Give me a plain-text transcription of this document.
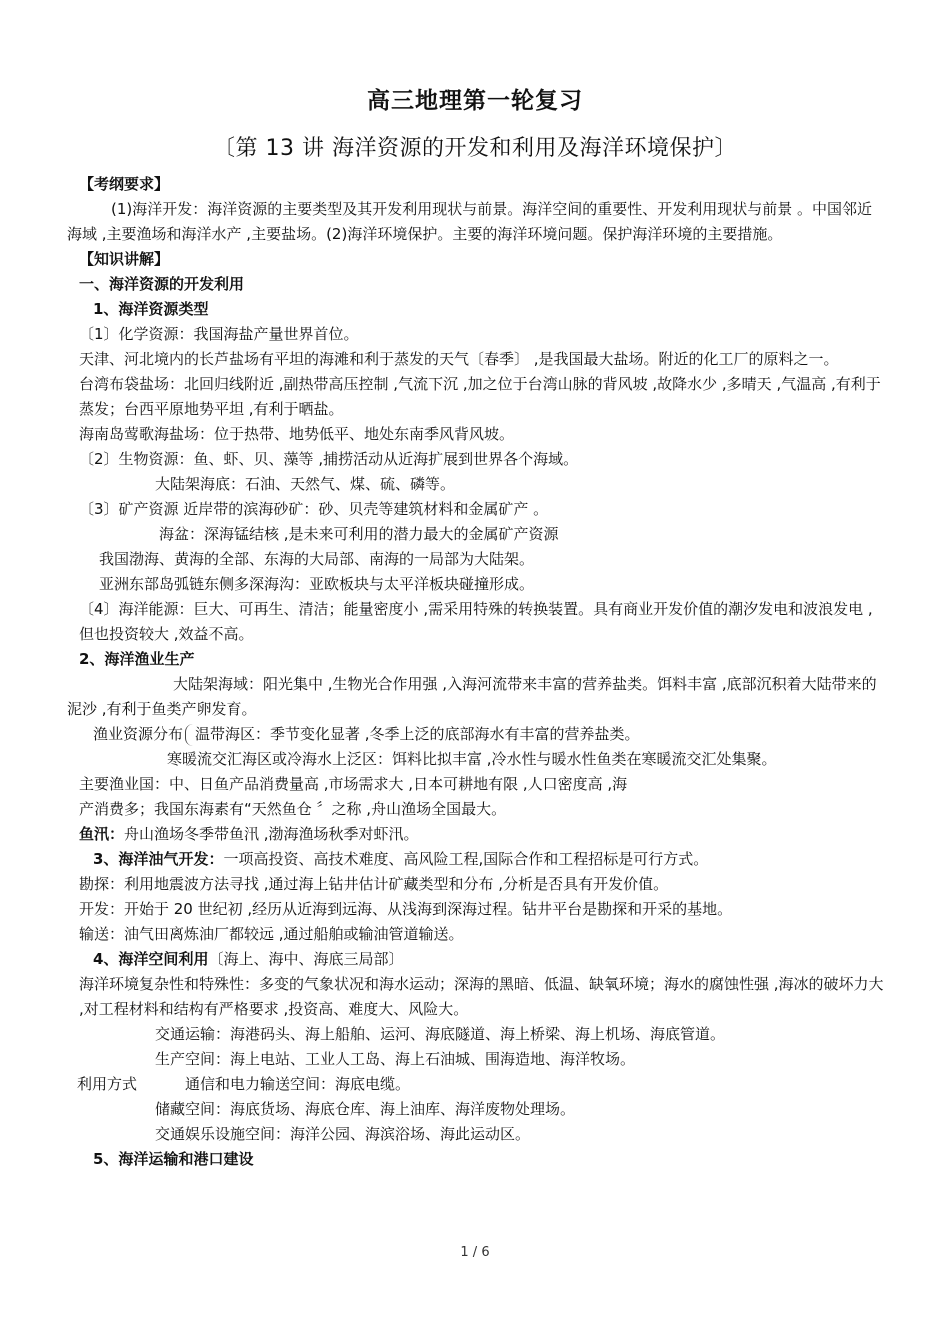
高三地理第一轮复习
〔第 13 讲 海洋资源的开发和利用及海洋环境保护〕

【考纲要求】

(1)海洋开发：海洋资源的主要类型及其开发利用现状与前景。海洋空间的重要性、开发利用现状与前景 。中国邻近海域 ,主要渔场和海洋水产 ,主要盐场。(2)海洋环境保护。主要的海洋环境问题。保护海洋环境的主要措施。

【知识讲解】

一、海洋资源的开发利用

1、海洋资源类型

〔1〕化学资源：我国海盐产量世界首位。

天津、河北境内的长芦盐场有平坦的海滩和利于蒸发的天气〔春季〕 ,是我国最大盐场。附近的化工厂的原料之一。

台湾布袋盐场：北回归线附近 ,副热带高压控制 ,气流下沉 ,加之位于台湾山脉的背风坡 ,故降水少 ,多晴天 ,气温高 ,有利于蒸发；台西平原地势平坦 ,有利于晒盐。

海南岛莺歌海盐场：位于热带、地势低平、地处东南季风背风坡。

〔2〕生物资源：鱼、虾、贝、藻等 ,捕捞活动从近海扩展到世界各个海域。

大陆架海底：石油、天然气、煤、硫、磷等。

〔3〕矿产资源 近岸带的滨海砂矿：砂、贝壳等建筑材料和金属矿产 。

海盆：深海锰结核 ,是未来可利用的潜力最大的金属矿产资源

我国渤海、黄海的全部、东海的大局部、南海的一局部为大陆架。

亚洲东部岛弧链东侧多深海沟：亚欧板块与太平洋板块碰撞形成。

〔4〕海洋能源：巨大、可再生、清洁；能量密度小 ,需采用特殊的转换装置。具有商业开发价值的潮汐发电和波浪发电 ,但也投资较大 ,效益不高。

2、海洋渔业生产

大陆架海域：阳光集中 ,生物光合作用强 ,入海河流带来丰富的营养盐类。饵料丰富 ,底部沉积着大陆带来的泥沙 ,有利于鱼类产卵发育。

渔业资源分布 温带海区：季节变化显著 ,冬季上泛的底部海水有丰富的营养盐类。

寒暖流交汇海区或冷海水上泛区：饵料比拟丰富 ,冷水性与暖水性鱼类在寒暖流交汇处集聚。

主要渔业国：中、日鱼产品消费量高 ,市场需求大 ,日本可耕地有限 ,人口密度高 ,海

产消费多；我国东海素有“天然鱼仓 〞之称 ,舟山渔场全国最大。

鱼汛：舟山渔场冬季带鱼汛 ,渤海渔场秋季对虾汛。

3、海洋油气开发：一项高投资、高技术难度、高风险工程,国际合作和工程招标是可行方式。

勘探：利用地震波方法寻找 ,通过海上钻井估计矿藏类型和分布 ,分析是否具有开发价值。

开发：开始于 20 世纪初 ,经历从近海到远海、从浅海到深海过程。钻井平台是勘探和开采的基地。

输送：油气田离炼油厂都较远 ,通过船舶或输油管道输送。

4、海洋空间利用〔海上、海中、海底三局部〕

海洋环境复杂性和特殊性：多变的气象状况和海水运动；深海的黑暗、低温、缺氧环境；海水的腐蚀性强 ,海冰的破坏力大 ,对工程材料和结构有严格要求 ,投资高、难度大、风险大。

利用方式

交通运输：海港码头、海上船舶、运河、海底隧道、海上桥梁、海上机场、海底管道。

生产空间：海上电站、工业人工岛、海上石油城、围海造地、海洋牧场。

通信和电力输送空间：海底电缆。

储藏空间：海底货场、海底仓库、海上油库、海洋废物处理场。

交通娱乐设施空间：海洋公园、海滨浴场、海此运动区。

5、海洋运输和港口建设

1 / 6
